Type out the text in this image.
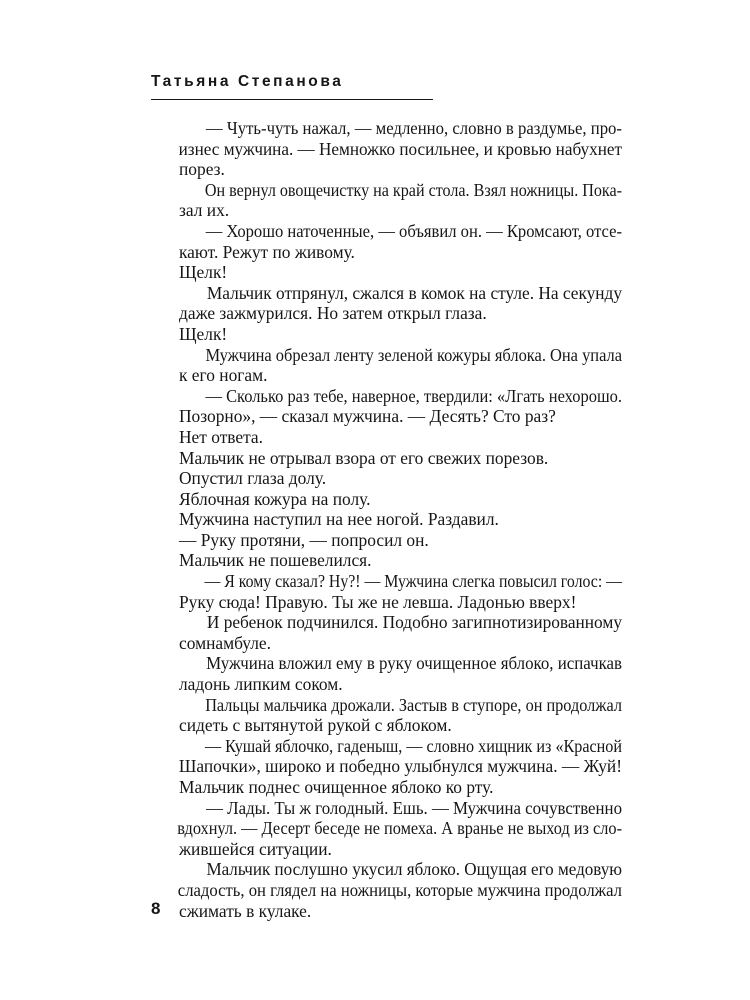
Татьяна Степанова

— Чуть-чуть нажал, — медленно, словно в раздумье, про-
изнес мужчина. — Немножко посильнее, и кровью набухнет

порез.

Он вернул овощечистку на край стола. Взял ножницы. Пока-

зал их.

— Хорошо наточенные, — объявил он. — Кромсают, отсе-

кают. Режут по живому.

Щелк!

Мальчик отпрянул, сжался в комок на стуле. На секунду

даже зажмурился. Но затем открыл глаза.

Щелк!

Мужчина обрезал ленту зеленой кожуры яблока. Она упала

к его ногам.

— Сколько раз тебе, наверное, твердили: «Лгать нехорошо.

Позорно», — сказал мужчина. — Десять? Сто раз?

Нет ответа.

Мальчик не отрывал взора от его свежих порезов.

Опустил глаза долу.

Яблочная кожура на полу.

Мужчина наступил на нее ногой. Раздавил.

— Руку протяни, — попросил он.

Мальчик не пошевелился.

— Я кому сказал? Ну?! — Мужчина слегка повысил голос: —

Руку сюда! Правую. Ты же не левша. Ладонью вверх!

И ребенок подчинился. Подобно загипнотизированному

сомнамбуле.

Мужчина вложил ему в руку очищенное яблоко, испачкав

ладонь липким соком.

Пальцы мальчика дрожали. Застыв в ступоре, он продолжал

сидеть с вытянутой рукой с яблоком.

— Кушай яблочко, гаденыш, — словно хищник из «Красной
Шапочки», широко и победно улыбнулся мужчина. — Жуй!

Мальчик поднес очищенное яблоко ко рту.

— Лады. Ты ж голодный. Ешь. — Мужчина сочувственно
вдохнул. — Десерт беседе не помеха. А вранье не выход из сло-

жившейся ситуации.

Мальчик послушно укусил яблоко. Ощущая его медовую
сладость, он глядел на ножницы, которые мужчина продолжал

сжимать в кулаке.

8
